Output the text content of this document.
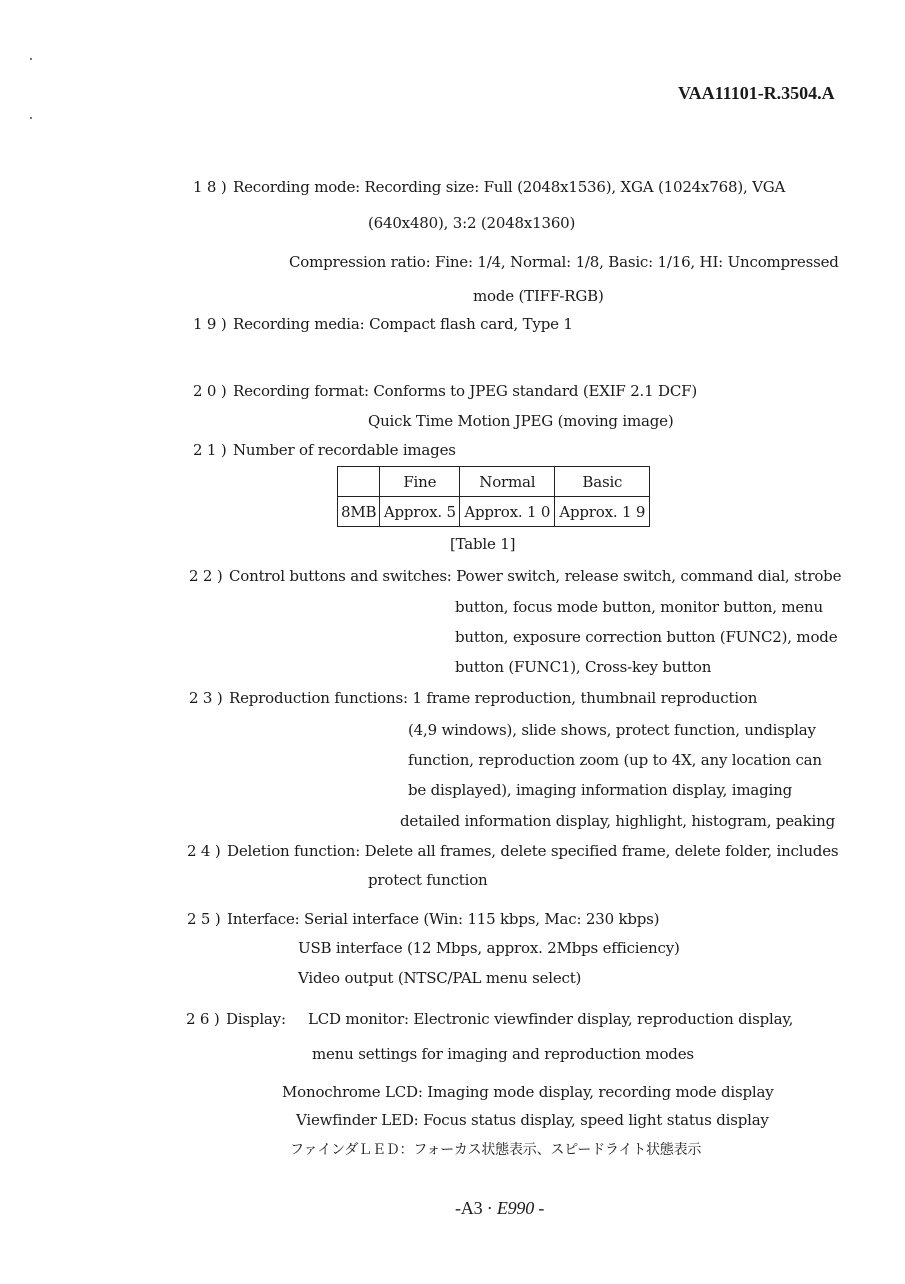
VAA11101-R.3504.A
1 8 ) Recording mode: Recording size: Full (2048x1536), XGA (1024x768), VGA
(640x480), 3:2 (2048x1360)
Compression ratio: Fine: 1/4, Normal: 1/8, Basic: 1/16, HI: Uncompressed
mode (TIFF-RGB)
1 9 ) Recording media: Compact flash card, Type 1
2 0 ) Recording format: Conforms to JPEG standard (EXIF 2.1 DCF)
Quick Time Motion JPEG (moving image)
2 1 ) Number of recordable images
	Fine	Normal	Basic
8MB	Approx. 5	Approx. 1 0	Approx. 1 9
[Table 1]
2 2 ) Control buttons and switches: Power switch, release switch, command dial, strobe
button, focus mode button, monitor button, menu
button, exposure correction button (FUNC2), mode
button (FUNC1), Cross-key button
2 3 ) Reproduction functions: 1 frame reproduction, thumbnail reproduction
(4,9 windows), slide shows, protect function, undisplay
function, reproduction zoom (up to 4X, any location can
be displayed), imaging information display, imaging
detailed information display, highlight, histogram, peaking
2 4 ) Deletion function: Delete all frames, delete specified frame, delete folder, includes
protect function
2 5 ) Interface: Serial interface (Win: 115 kbps, Mac: 230 kbps)
USB interface (12 Mbps, approx. 2Mbps efficiency)
Video output (NTSC/PAL menu select)
2 6 ) Display: LCD monitor: Electronic viewfinder display, reproduction display,
menu settings for imaging and reproduction modes
Monochrome LCD: Imaging mode display, recording mode display
Viewfinder LED: Focus status display, speed light status display
ファインダＬＥＤ：フォーカス状態表示、スピードライト状態表示
-A3 · E990 -
